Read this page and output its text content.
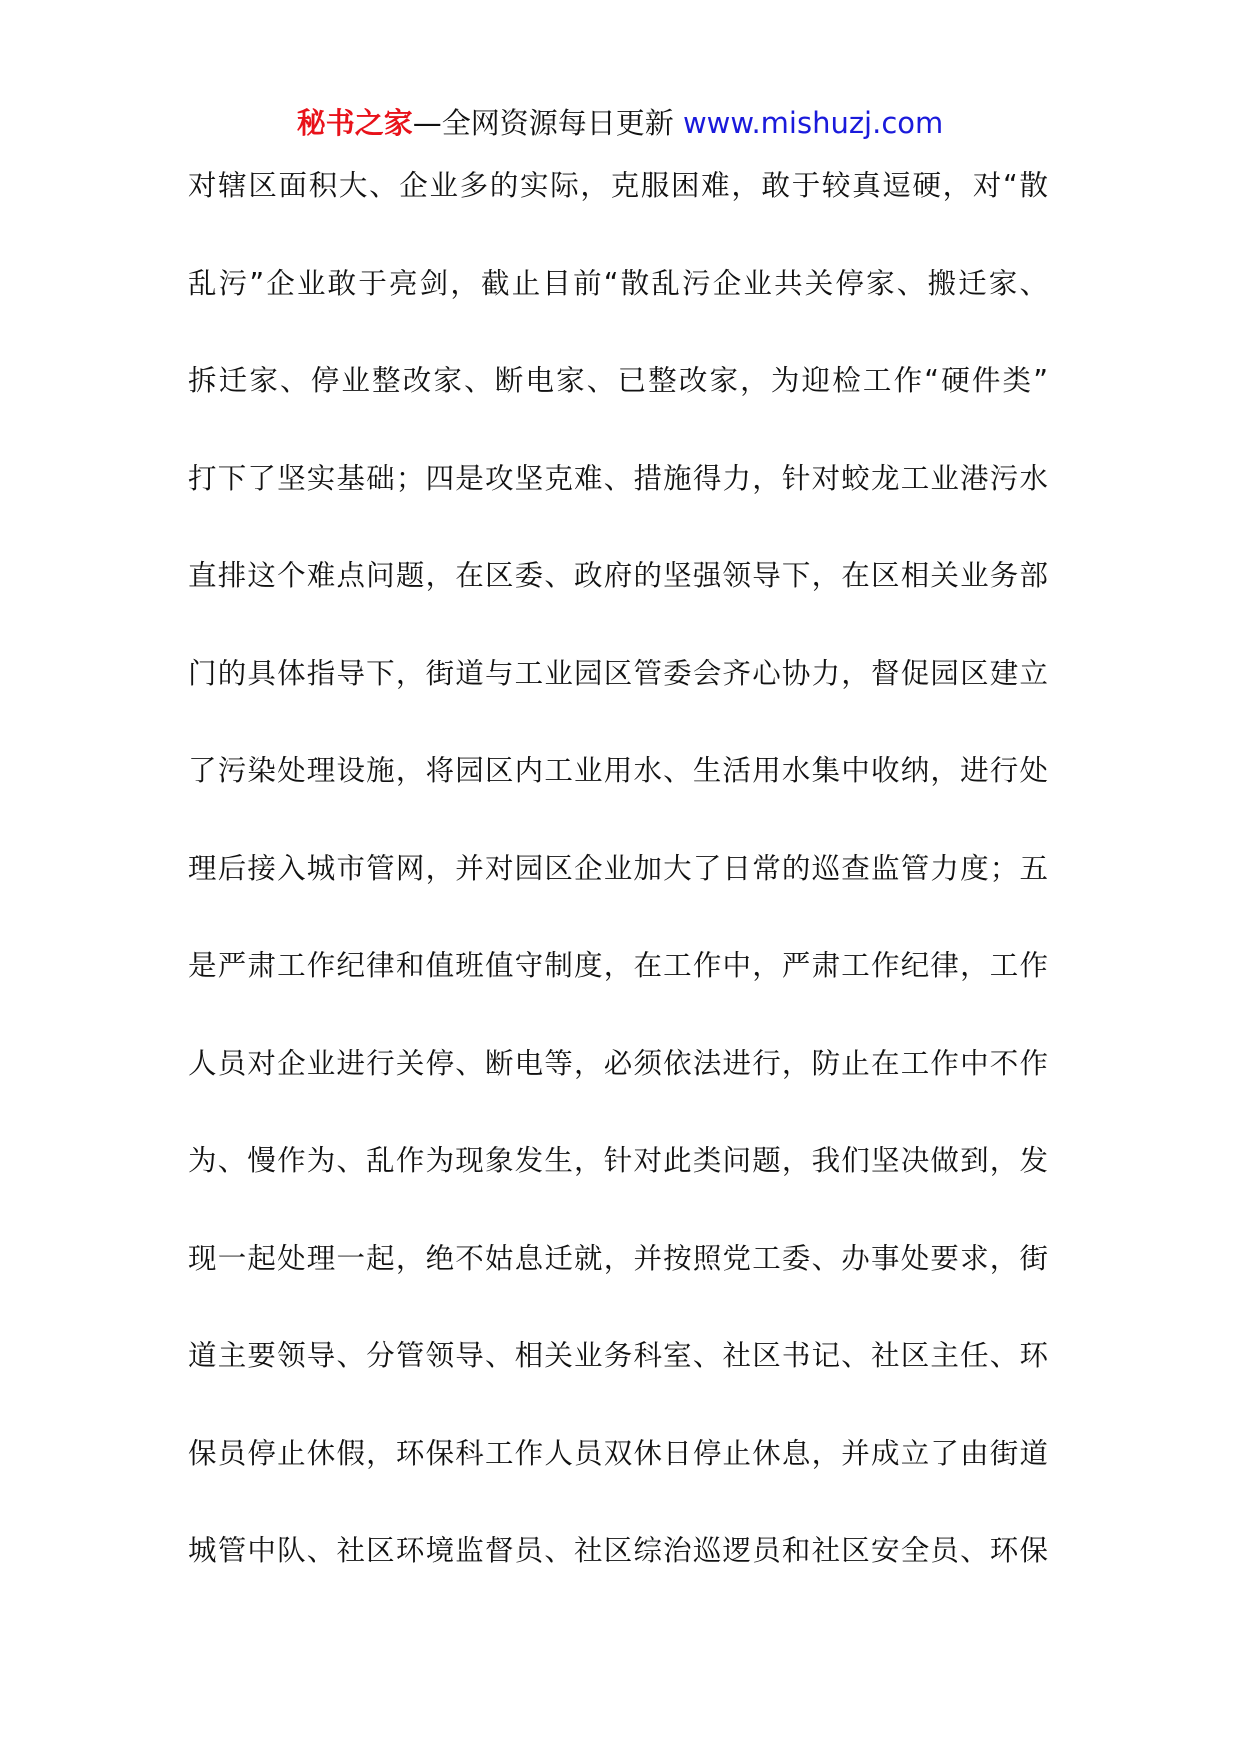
秘书之家—全网资源每日更新 www.mishuzj.com
对辖区面积大、企业多的实际，克服困难，敢于较真逗硬，对“散
乱污”企业敢于亮剑，截止目前“散乱污企业共关停家、搬迁家、
拆迁家、停业整改家、断电家、已整改家，为迎检工作“硬件类”
打下了坚实基础；四是攻坚克难、措施得力，针对蛟龙工业港污水
直排这个难点问题，在区委、政府的坚强领导下，在区相关业务部
门的具体指导下，街道与工业园区管委会齐心协力，督促园区建立
了污染处理设施，将园区内工业用水、生活用水集中收纳，进行处
理后接入城市管网，并对园区企业加大了日常的巡查监管力度；五
是严肃工作纪律和值班值守制度，在工作中，严肃工作纪律，工作
人员对企业进行关停、断电等，必须依法进行，防止在工作中不作
为、慢作为、乱作为现象发生，针对此类问题，我们坚决做到，发
现一起处理一起，绝不姑息迁就，并按照党工委、办事处要求，街
道主要领导、分管领导、相关业务科室、社区书记、社区主任、环
保员停止休假，环保科工作人员双休日停止休息，并成立了由街道
城管中队、社区环境监督员、社区综治巡逻员和社区安全员、环保
